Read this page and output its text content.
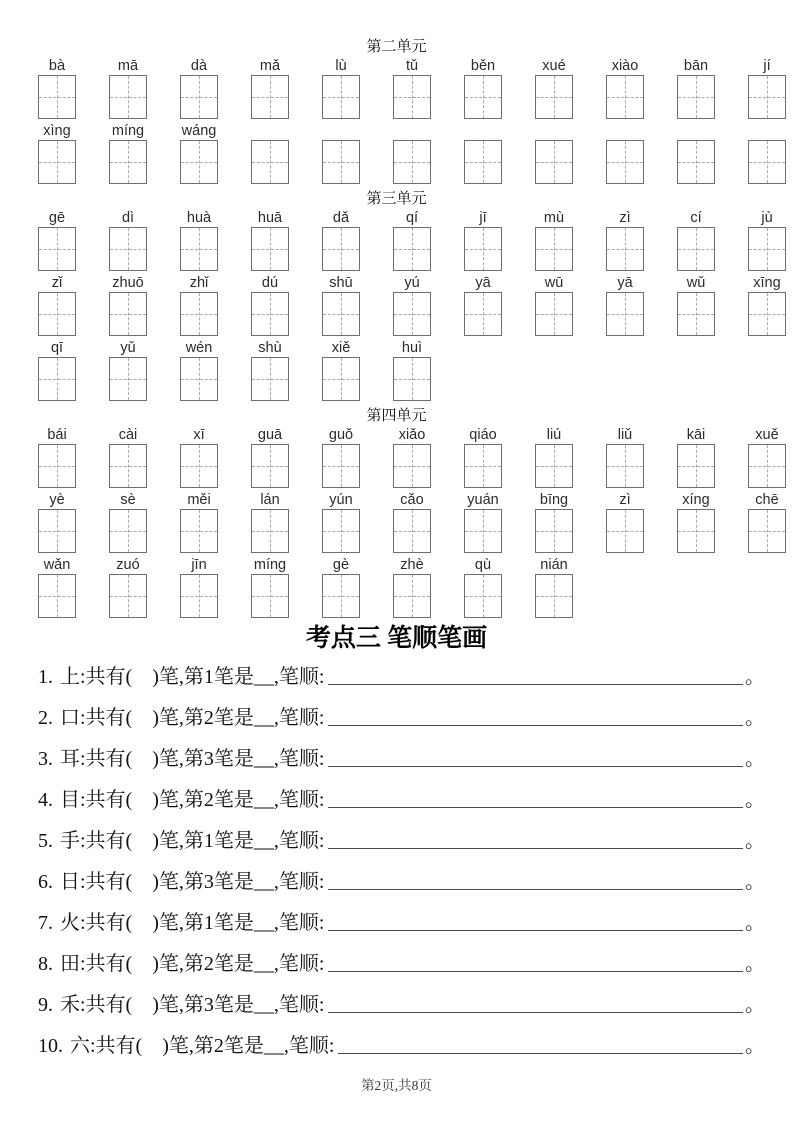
第二单元
bà	mā	dà	mǎ	lù	tǔ	běn	xué	xiào	bān	jí
xìng	míng	wáng
第三单元
gē	dì	huà	huā	dǎ	qí	jī	mù	zì	cí	jù
zǐ	zhuō	zhǐ	dú	shū	yú	yā	wū	yā	wǔ	xīng
qī	yǔ	wén	shù	xiě	huì
第四单元
bái	cài	xī	guā	guǒ	xiǎo	qiáo	liú	liǔ	kāi	xuě
yè	sè	měi	lán	yún	cǎo	yuán	bīng	zì	xíng	chē
wǎn	zuó	jīn	míng	gè	zhè	qù	nián
考点三 笔顺笔画
1. 上:共有(　)笔,第1笔是__,笔顺:	。
2. 口:共有(　)笔,第2笔是__,笔顺:	。
3. 耳:共有(　)笔,第3笔是__,笔顺:	。
4. 目:共有(　)笔,第2笔是__,笔顺:	。
5. 手:共有(　)笔,第1笔是__,笔顺:	。
6. 日:共有(　)笔,第3笔是__,笔顺:	。
7. 火:共有(　)笔,第1笔是__,笔顺:	。
8. 田:共有(　)笔,第2笔是__,笔顺:	。
9. 禾:共有(　)笔,第3笔是__,笔顺:	。
10. 六:共有(　)笔,第2笔是__,笔顺:	。
第2页,共8页
